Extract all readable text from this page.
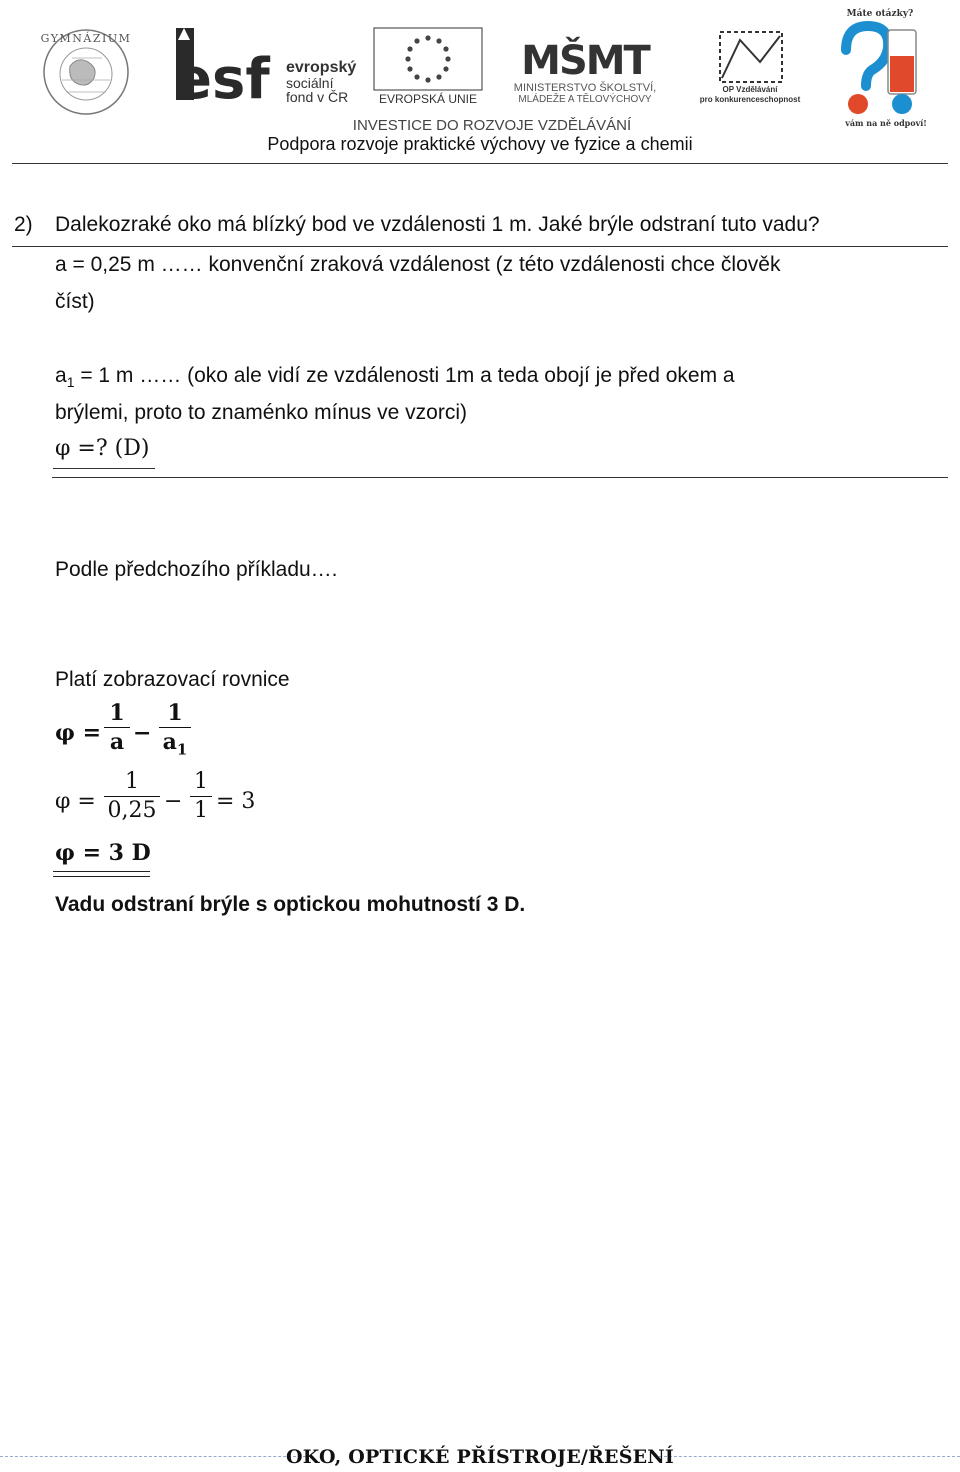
GYMNÁZIUM
esf evropský
sociální
fond v ČR	EVROPSKÁ UNIE
MŠMT
MINISTERSTVO ŠKOLSTVÍ,
MLÁDEŽE A TĚLOVÝCHOVY
OP Vzdělávání
pro konkurenceschopnost
Máte otázky?
vám na ně odpoví!
INVESTICE DO ROZVOJE VZDĚLÁVÁNÍ
Podpora rozvoje praktické výchovy ve fyzice a chemii
2) Dalekozraké oko má blízký bod ve vzdálenosti 1 m. Jaké brýle odstraní tuto vadu?
a = 0,25 m …… konvenční zraková vzdálenost (z této vzdálenosti chce člověk
číst)
$a_1 = 1$ m …… (oko ale vidí ze vzdálenosti 1m a teda obojí je před okem a
brýlemi, proto to znaménko mínus ve vzorci)
φ =? (D)
Podle předchozího příkladu….
Platí zobrazovací rovnice
φ =
1
a −
1
$a_1$
φ =
1
0,25 −
1
1 = 3
φ = 3 D
Vadu odstraní brýle s optickou mohutností 3 D.
OKO, OPTICKÉ PŘÍSTROJE/ŘEŠENÍ
